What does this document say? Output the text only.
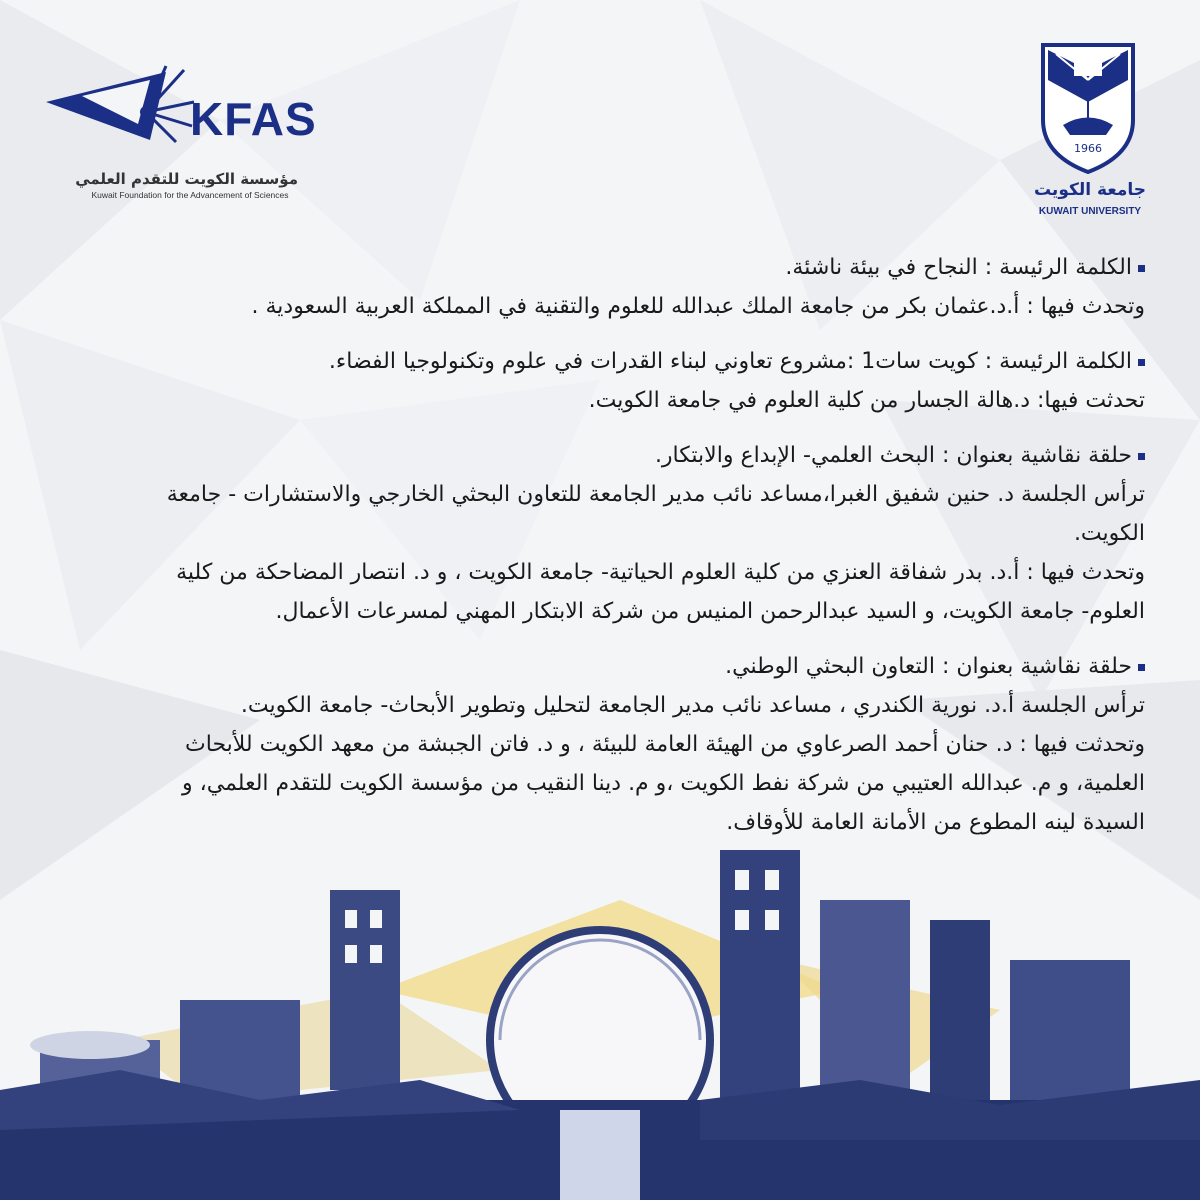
KFAS
مؤسسة الكويت للتقدم العلمي
Kuwait Foundation for the Advancement of Sciences
1966
جامعة الكويت
KUWAIT UNIVERSITY
الكلمة الرئيسة : النجاح في بيئة ناشئة.
وتحدث فيها : أ.د.عثمان بكر من جامعة الملك عبدالله للعلوم والتقنية في المملكة العربية السعودية .
الكلمة الرئيسة : كويت سات1 :مشروع تعاوني لبناء القدرات في علوم وتكنولوجيا الفضاء.
تحدثت فيها: د.هالة الجسار من كلية العلوم في جامعة الكويت.
حلقة نقاشية بعنوان : البحث العلمي- الإبداع والابتكار.
ترأس الجلسة د. حنين شفيق الغبرا،مساعد نائب مدير الجامعة للتعاون البحثي الخارجي والاستشارات - جامعة
الكويت.
وتحدث فيها : أ.د. بدر شفاقة العنزي من كلية العلوم الحياتية- جامعة الكويت ، و د. انتصار المضاحكة من كلية
العلوم- جامعة الكويت، و السيد عبدالرحمن المنيس من شركة الابتكار المهني لمسرعات الأعمال.
حلقة نقاشية بعنوان : التعاون البحثي الوطني.
ترأس الجلسة أ.د. نورية الكندري ، مساعد نائب مدير الجامعة لتحليل وتطوير الأبحاث- جامعة الكويت.
وتحدثت فيها : د. حنان أحمد الصرعاوي من الهيئة العامة للبيئة ، و د. فاتن الجبشة من معهد الكويت للأبحاث
العلمية، و م. عبدالله العتيبي من شركة نفط الكويت ،و م. دينا النقيب من مؤسسة الكويت للتقدم العلمي، و
السيدة لينه المطوع من الأمانة العامة للأوقاف.
